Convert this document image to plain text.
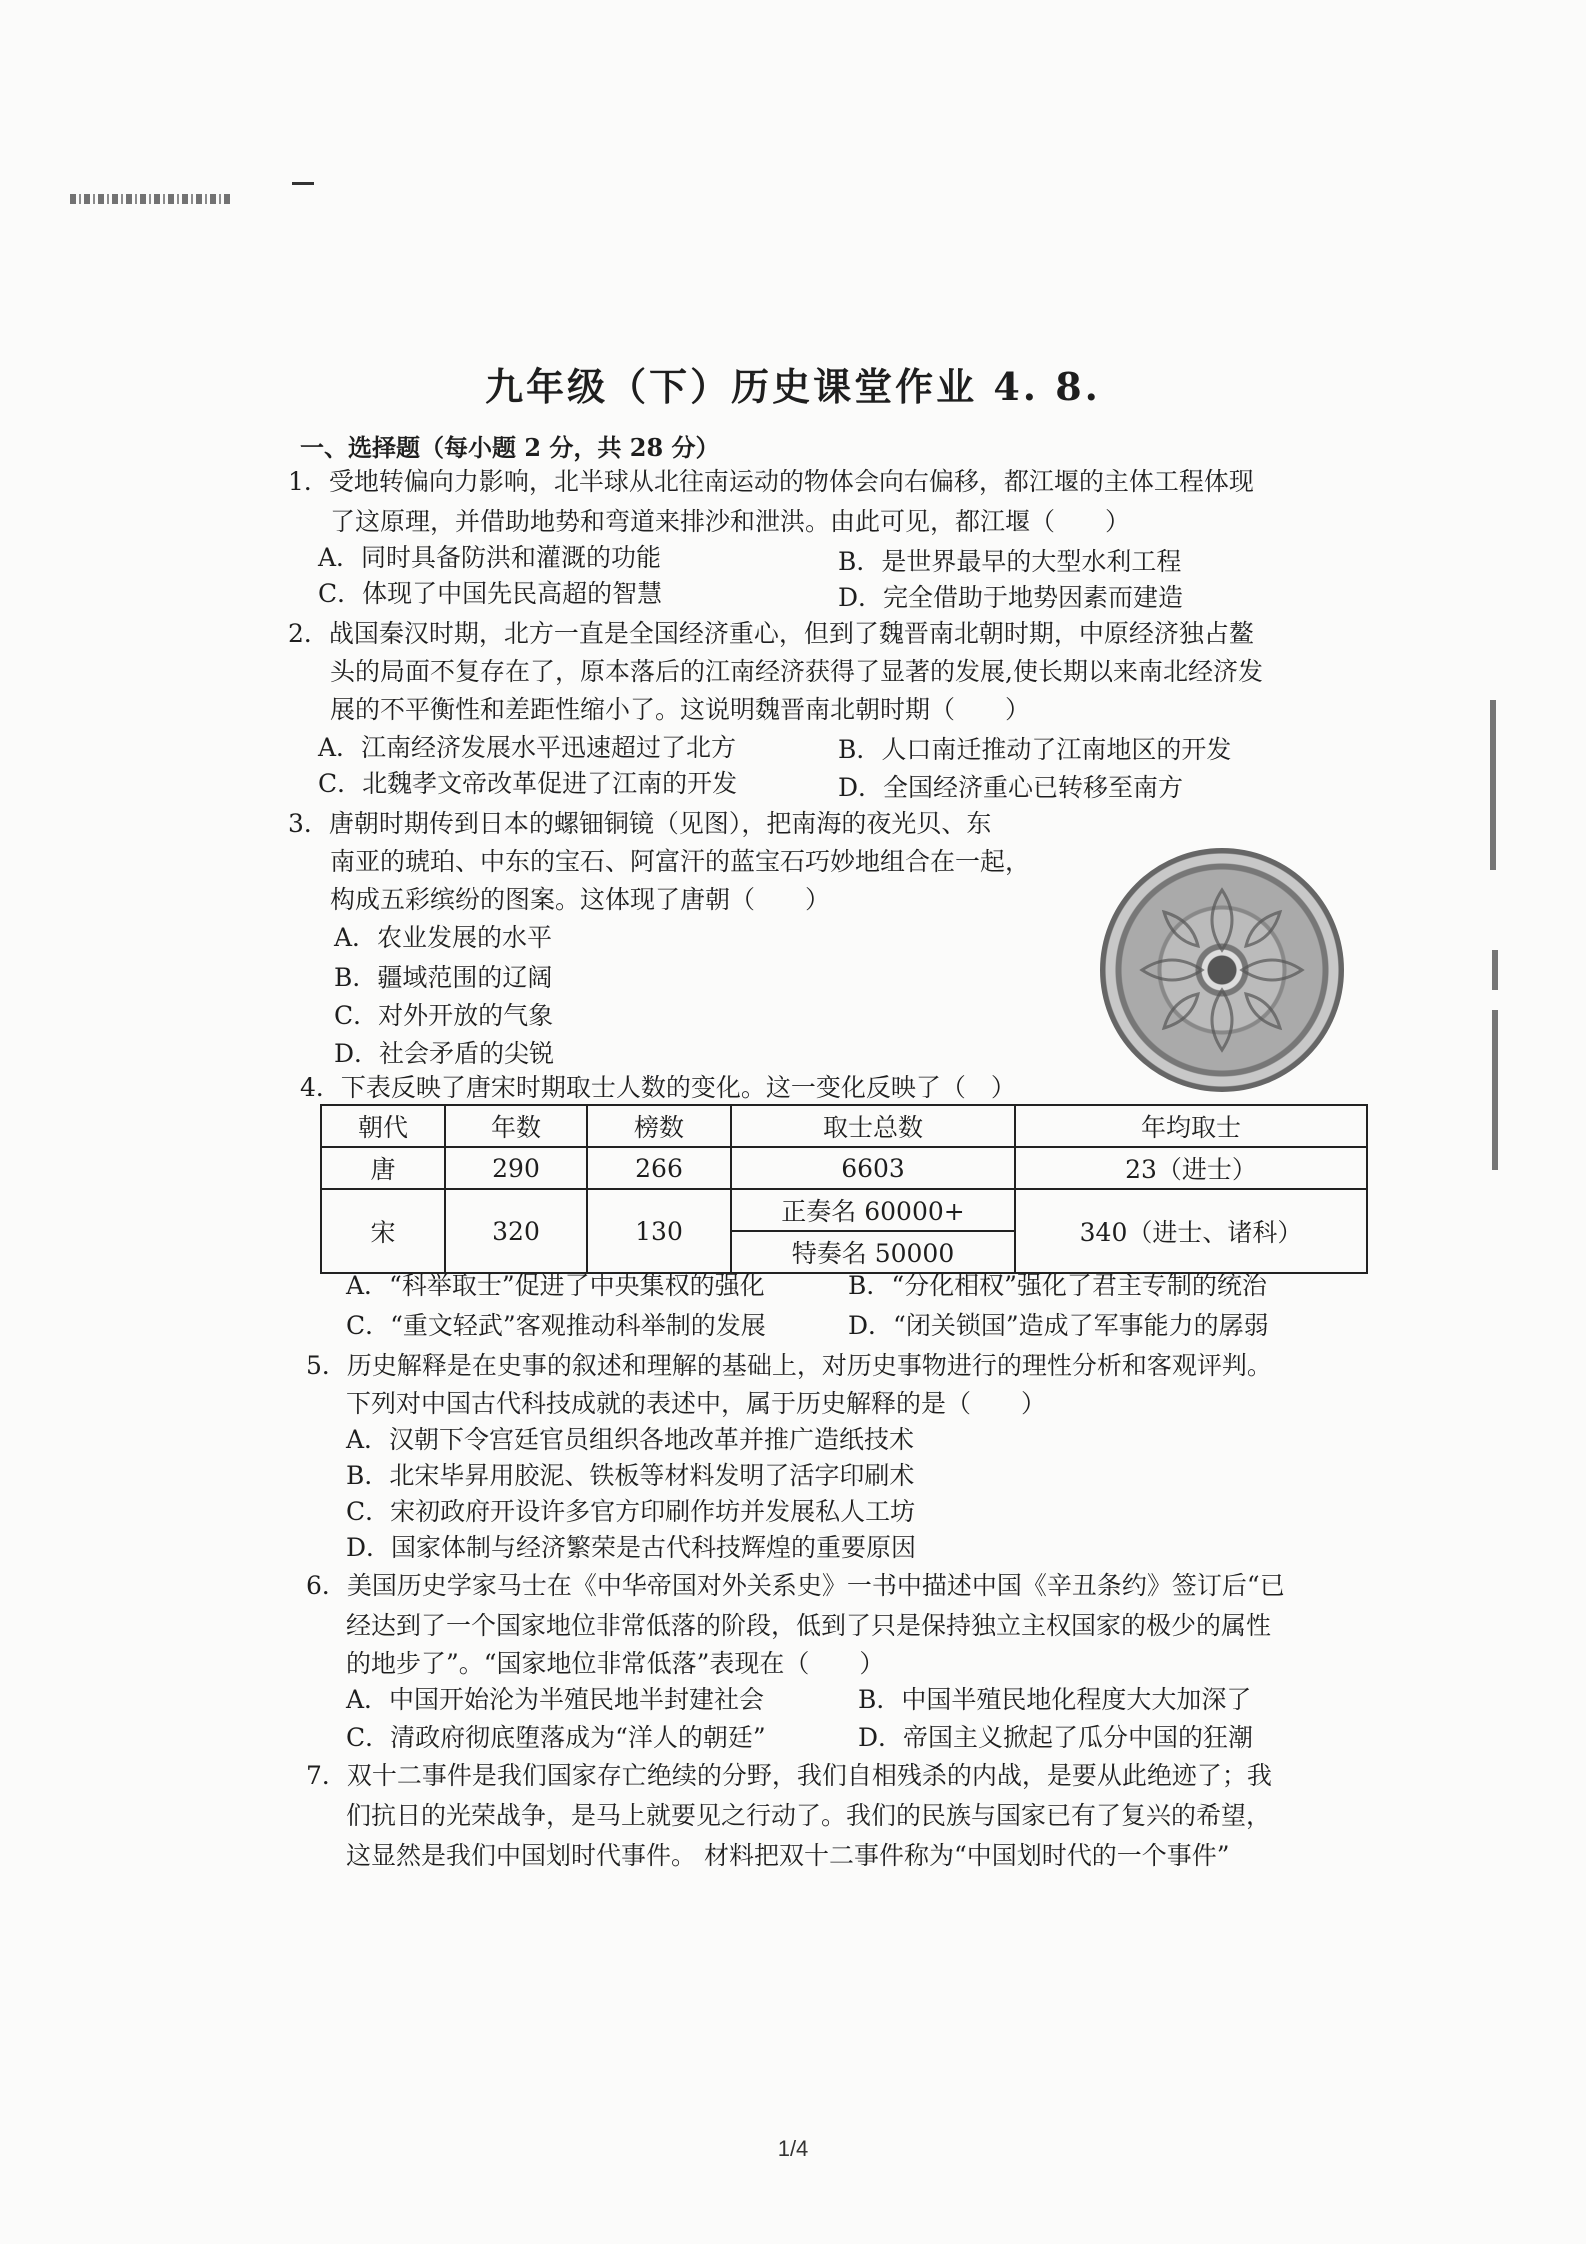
九年级（下）历史课堂作业 4. 8.
一、选择题（每小题 2 分，共 28 分）
1．受地转偏向力影响，北半球从北往南运动的物体会向右偏移，都江堰的主体工程体现
了这原理，并借助地势和弯道来排沙和泄洪。由此可见，都江堰（　　）
A．同时具备防洪和灌溉的功能	B．是世界最早的大型水利工程
C．体现了中国先民高超的智慧	D．完全借助于地势因素而建造
2．战国秦汉时期，北方一直是全国经济重心，但到了魏晋南北朝时期，中原经济独占鳌
头的局面不复存在了，原本落后的江南经济获得了显著的发展,使长期以来南北经济发
展的不平衡性和差距性缩小了。这说明魏晋南北朝时期（　　）
A．江南经济发展水平迅速超过了北方	B．人口南迁推动了江南地区的开发
C．北魏孝文帝改革促进了江南的开发	D．全国经济重心已转移至南方
3．唐朝时期传到日本的螺钿铜镜（见图），把南海的夜光贝、东
南亚的琥珀、中东的宝石、阿富汗的蓝宝石巧妙地组合在一起，
构成五彩缤纷的图案。这体现了唐朝（　　）
A．农业发展的水平
B．疆域范围的辽阔
C．对外开放的气象
D．社会矛盾的尖锐
4．下表反映了唐宋时期取士人数的变化。这一变化反映了（　）
朝代	年数	榜数	取士总数	年均取士
唐	290	266	6603	23（进士）
宋	320	130	正奏名 60000+	340（进士、诸科）
			特奏名 50000	
A．“科举取士”促进了中央集权的强化	B．“分化相权”强化了君主专制的统治
C．“重文轻武”客观推动科举制的发展	D．“闭关锁国”造成了军事能力的孱弱
5．历史解释是在史事的叙述和理解的基础上，对历史事物进行的理性分析和客观评判。
下列对中国古代科技成就的表述中，属于历史解释的是（　　）
A．汉朝下令宫廷官员组织各地改革并推广造纸技术
B．北宋毕昇用胶泥、铁板等材料发明了活字印刷术
C．宋初政府开设许多官方印刷作坊并发展私人工坊
D．国家体制与经济繁荣是古代科技辉煌的重要原因
6．美国历史学家马士在《中华帝国对外关系史》一书中描述中国《辛丑条约》签订后“已
经达到了一个国家地位非常低落的阶段，低到了只是保持独立主权国家的极少的属性
的地步了”。“国家地位非常低落”表现在（　　）
A．中国开始沦为半殖民地半封建社会	B．中国半殖民地化程度大大加深了
C．清政府彻底堕落成为“洋人的朝廷”	D．帝国主义掀起了瓜分中国的狂潮
7．双十二事件是我们国家存亡绝续的分野，我们自相残杀的内战，是要从此绝迹了；我
们抗日的光荣战争，是马上就要见之行动了。我们的民族与国家已有了复兴的希望，
这显然是我们中国划时代事件。 材料把双十二事件称为“中国划时代的一个事件”
1/4
